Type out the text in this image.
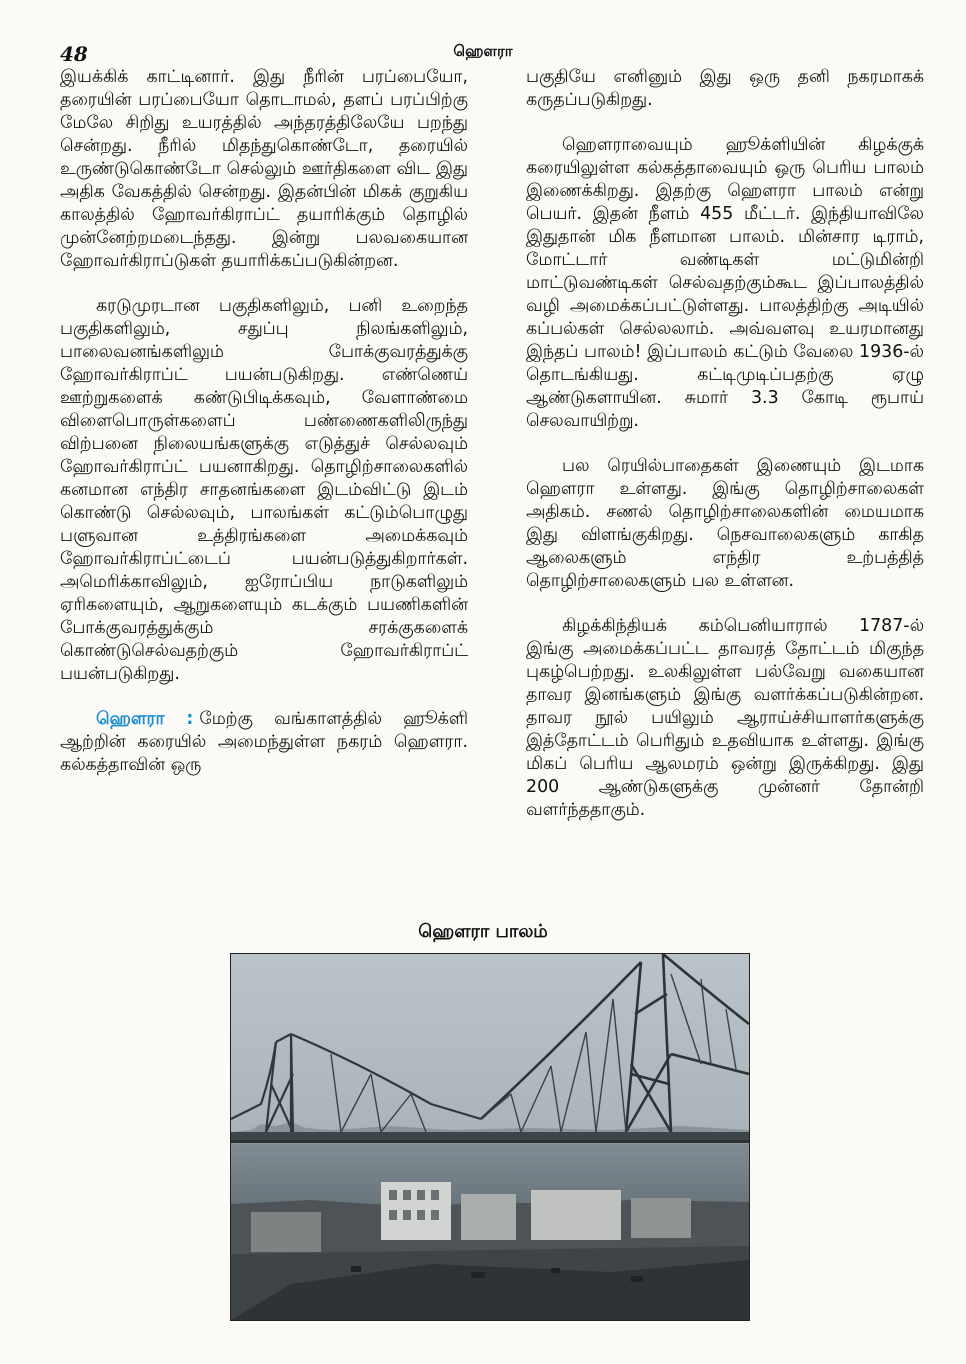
48	ஹௌரா

இயக்கிக் காட்டினார். இது நீரின் பரப்பையோ, தரையின் பரப்பையோ தொடாமல், தளப் பரப்பிற்கு மேலே சிறிது உயரத்தில் அந்தரத்திலேயே பறந்து சென்றது. நீரில் மிதந்துகொண்டோ, தரையில் உருண்டுகொண்டோ செல்லும் ஊர்திகளை விட இது அதிக வேகத்தில் சென்றது. இதன்பின் மிகக் குறுகிய காலத்தில் ஹோவர்கிராப்ட் தயாரிக்கும் தொழில் முன்னேற்றமடைந்தது. இன்று பலவகையான ஹோவர்கிராப்டுகள் தயாரிக்கப்படுகின்றன.

கரடுமுரடான பகுதிகளிலும், பனி உறைந்த பகுதிகளிலும், சதுப்பு நிலங்களிலும், பாலைவனங்களிலும் போக்குவரத்துக்கு ஹோவர்கிராப்ட் பயன்படுகிறது. எண்ணெய் ஊற்றுகளைக் கண்டுபிடிக்கவும், வேளாண்மை விளைபொருள்களைப் பண்ணைகளிலிருந்து விற்பனை நிலையங்களுக்கு எடுத்துச் செல்லவும் ஹோவர்கிராப்ட் பயனாகிறது. தொழிற்சாலைகளில் கனமான எந்திர சாதனங்களை இடம்விட்டு இடம் கொண்டு செல்லவும், பாலங்கள் கட்டும்பொழுது பளுவான உத்திரங்களை அமைக்கவும் ஹோவர்கிராப்ட்டைப் பயன்படுத்துகிறார்கள். அமெரிக்காவிலும், ஐரோப்பிய நாடுகளிலும் ஏரிகளையும், ஆறுகளையும் கடக்கும் பயணிகளின் போக்குவரத்துக்கும் சரக்குகளைக் கொண்டுசெல்வதற்கும் ஹோவர்கிராப்ட் பயன்படுகிறது.

ஹௌரா : மேற்கு வங்காளத்தில் ஹூக்ளி ஆற்றின் கரையில் அமைந்துள்ள நகரம் ஹௌரா. கல்கத்தாவின் ஒரு

பகுதியே எனினும் இது ஒரு தனி நகரமாகக் கருதப்படுகிறது.

ஹௌராவையும் ஹூக்ளியின் கிழக்குக் கரையிலுள்ள கல்கத்தாவையும் ஒரு பெரிய பாலம் இணைக்கிறது. இதற்கு ஹௌரா பாலம் என்று பெயர். இதன் நீளம் 455 மீட்டர். இந்தியாவிலே இதுதான் மிக நீளமான பாலம். மின்சார டிராம், மோட்டார் வண்டிகள் மட்டுமின்றி மாட்டுவண்டிகள் செல்வதற்கும்கூட இப்பாலத்தில் வழி அமைக்கப்பட்டுள்ளது. பாலத்திற்கு அடியில் கப்பல்கள் செல்லலாம். அவ்வளவு உயரமானது இந்தப் பாலம்! இப்பாலம் கட்டும் வேலை 1936-ல் தொடங்கியது. கட்டிமுடிப்பதற்கு ஏழு ஆண்டுகளாயின. சுமார் 3.3 கோடி ரூபாய் செலவாயிற்று.

பல ரெயில்பாதைகள் இணையும் இடமாக ஹௌரா உள்ளது. இங்கு தொழிற்சாலைகள் அதிகம். சணல் தொழிற்சாலைகளின் மையமாக இது விளங்குகிறது. நெசவாலைகளும் காகித ஆலைகளும் எந்திர உற்பத்தித் தொழிற்சாலைகளும் பல உள்ளன.

கிழக்கிந்தியக் கம்பெனியாரால் 1787-ல் இங்கு அமைக்கப்பட்ட தாவரத் தோட்டம் மிகுந்த புகழ்பெற்றது. உலகிலுள்ள பல்வேறு வகையான தாவர இனங்களும் இங்கு வளர்க்கப்படுகின்றன. தாவர நூல் பயிலும் ஆராய்ச்சியாளர்களுக்கு இத்தோட்டம் பெரிதும் உதவியாக உள்ளது. இங்கு மிகப் பெரிய ஆலமரம் ஒன்று இருக்கிறது. இது 200 ஆண்டுகளுக்கு முன்னர் தோன்றி வளர்ந்ததாகும்.

ஹௌரா பாலம்
